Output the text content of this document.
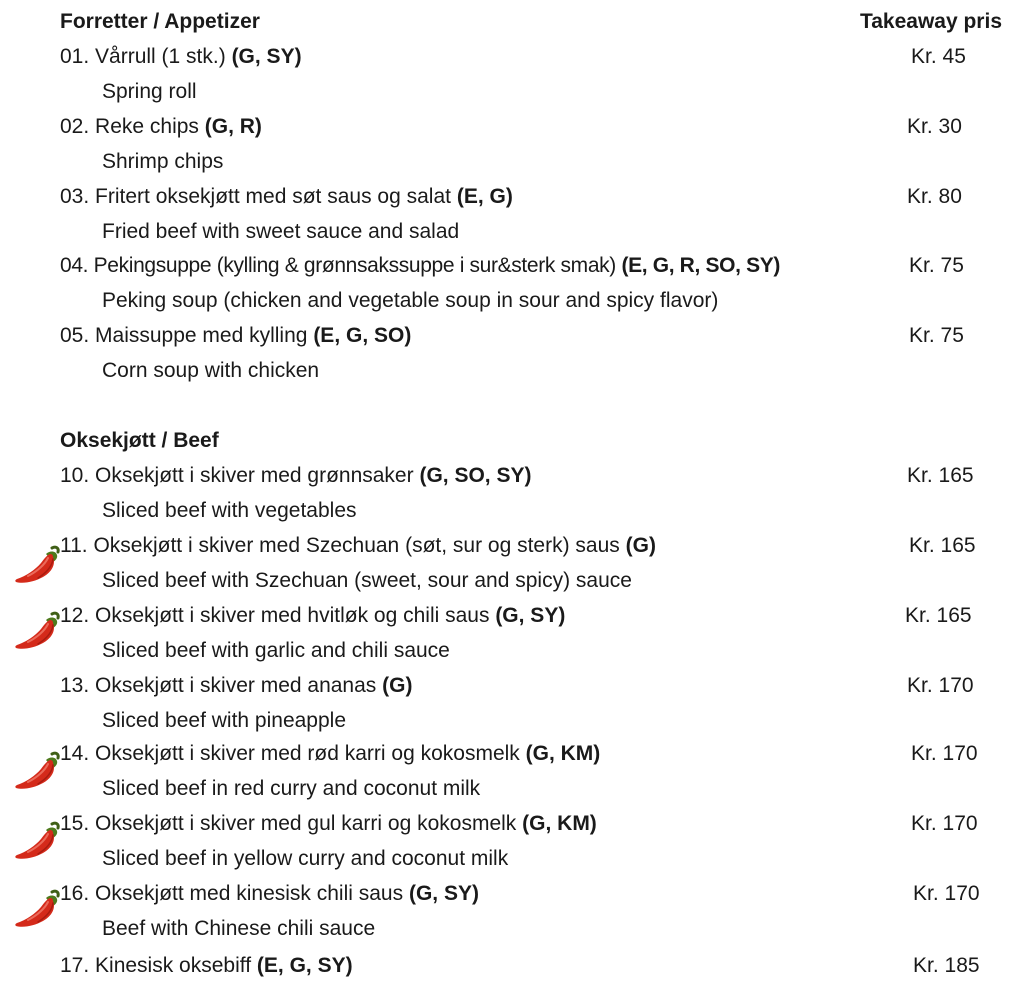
Forretter / Appetizer	Takeaway pris
01. Vårrull (1 stk.) (G, SY)	Kr. 45
Spring roll
02. Reke chips (G, R)	Kr. 30
Shrimp chips
03. Fritert oksekjøtt med søt saus og salat (E, G)	Kr. 80
Fried beef with sweet sauce and salad
04. Pekingsuppe (kylling & grønnsakssuppe i sur&sterk smak) (E, G, R, SO, SY)	Kr. 75
Peking soup (chicken and vegetable soup in sour and spicy flavor)
05. Maissuppe med kylling (E, G, SO)	Kr. 75
Corn soup with chicken
Oksekjøtt / Beef
10. Oksekjøtt i skiver med grønnsaker (G, SO, SY)	Kr. 165
Sliced beef with vegetables
11. Oksekjøtt i skiver med Szechuan (søt, sur og sterk) saus (G)	Kr. 165
Sliced beef with Szechuan (sweet, sour and spicy) sauce
12. Oksekjøtt i skiver med hvitløk og chili saus (G, SY)	Kr. 165
Sliced beef with garlic and chili sauce
13. Oksekjøtt i skiver med ananas (G)	Kr. 170
Sliced beef with pineapple
14. Oksekjøtt i skiver med rød karri og kokosmelk (G, KM)	Kr. 170
Sliced beef in red curry and coconut milk
15. Oksekjøtt i skiver med gul karri og kokosmelk (G, KM)	Kr. 170
Sliced beef in yellow curry and coconut milk
16. Oksekjøtt med kinesisk chili saus (G, SY)	Kr. 170
Beef with Chinese chili sauce
17. Kinesisk oksebiff (E, G, SY)	Kr. 185
